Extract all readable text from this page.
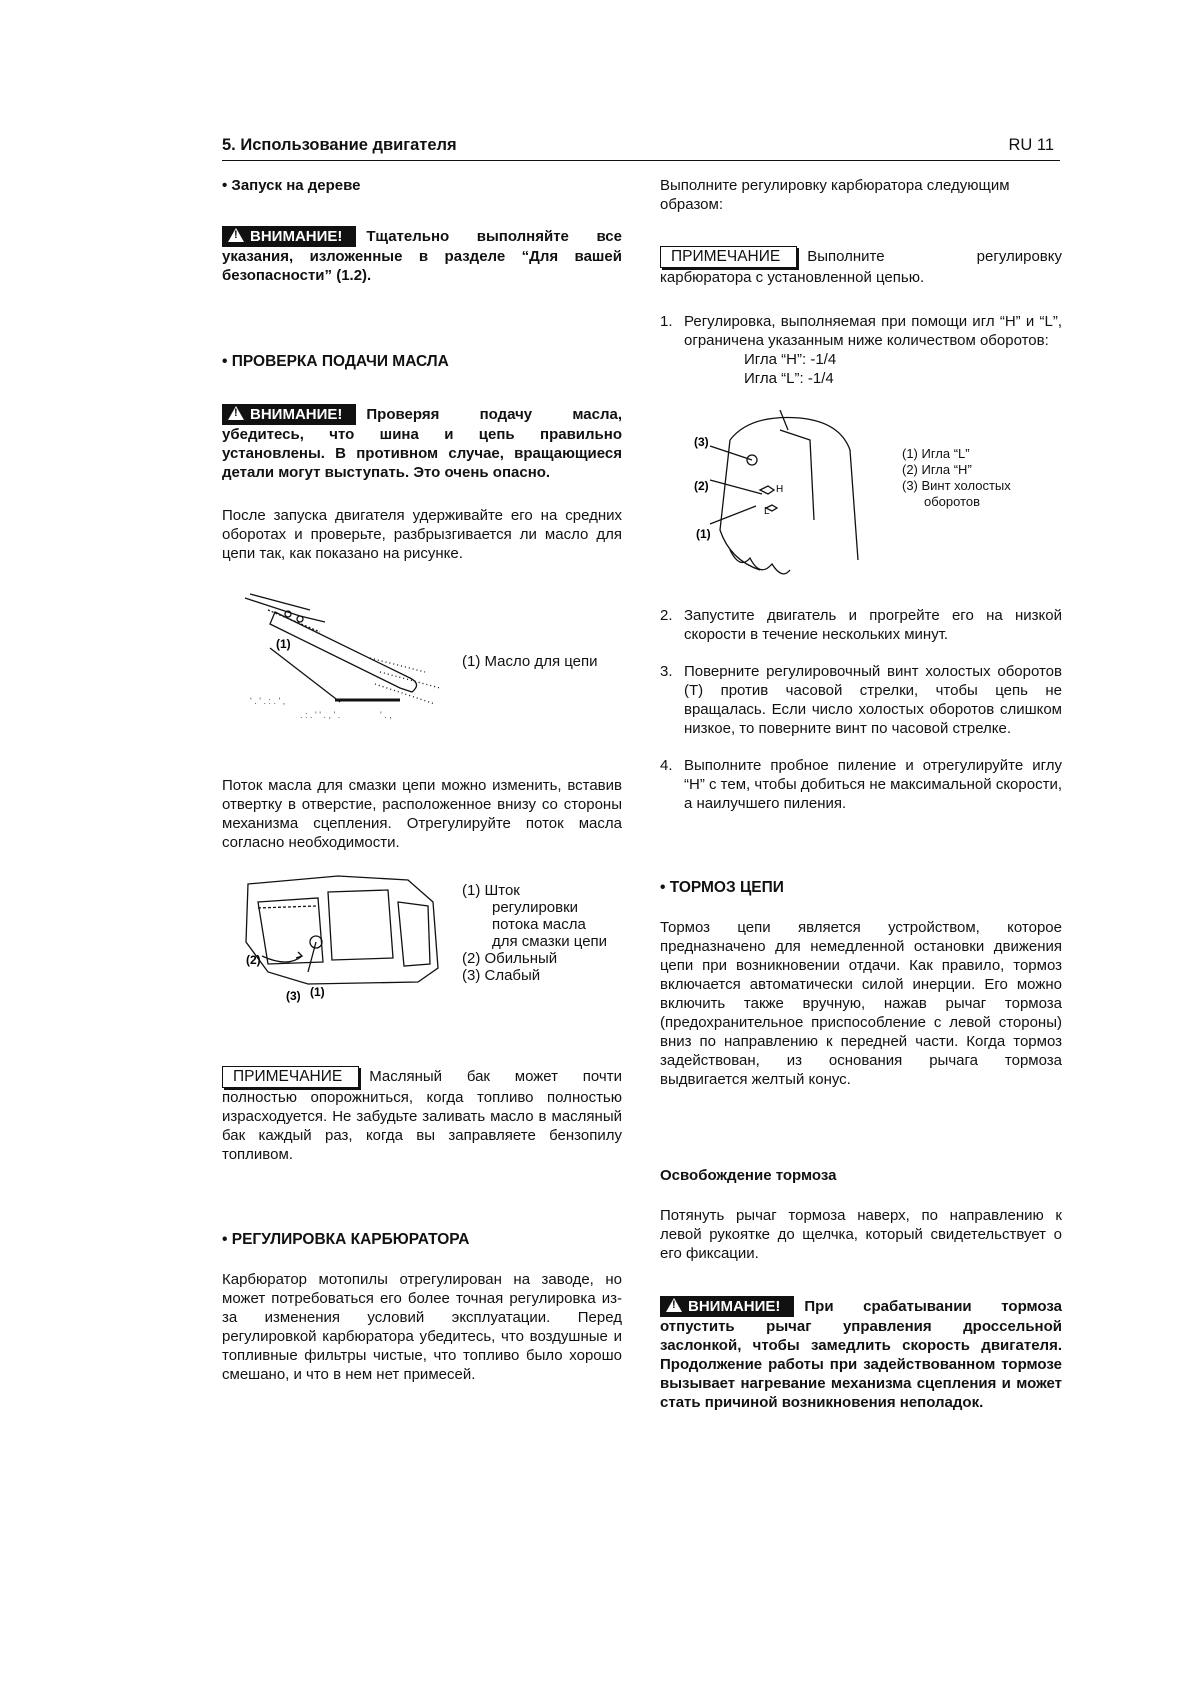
5. Использование двигателя	RU 11
• Запуск на дереве
!ВНИМАНИЕ! Тщательно выполняйте все указания, изложенные в разделе “Для вашей безопасности” (1.2).
• ПРОВЕРКА ПОДАЧИ МАСЛА
!ВНИМАНИЕ! Проверяя подачу масла, убедитесь, что шина и цепь правильно установлены. В противном случае, вращающиеся детали могут выступать. Это очень опасно.
После запуска двигателя удерживайте его на средних оборотах и проверьте, разбрызгивается ли масло для цепи так, как показано на рисунке.
' . ' . : . ' ,
. : . ' ' . , ' .	' . ,
(1)
(1) Масло для цепи
Поток масла для смазки цепи можно изменить, вставив отвертку в отверстие, расположенное внизу со стороны механизма сцепления. Отрегулируйте поток масла согласно необходимости.
(2)
(3) (1)
(1) Шток
регулировки
потока масла
для смазки цепи
(2) Обильный
(3) Слабый
ПРИМЕЧАНИЕ Масляный бак может почти полностью опорожниться, когда топливо полностью израсходуется. Не забудьте заливать масло в масляный бак каждый раз, когда вы заправляете бензопилу топливом.
• РЕГУЛИРОВКА КАРБЮРАТОРА
Карбюратор мотопилы отрегулирован на заводе, но может потребоваться его более точная регулировка из-за изменения условий эксплуатации. Перед регулировкой карбюратора убедитесь, что воздушные и топливные фильтры чистые, что топливо было хорошо смешано, и что в нем нет примесей.
Выполните регулировку карбюратора следующим образом:
ПРИМЕЧАНИЕ Выполните регулировку карбюратора с установленной цепью.
1. Регулировка, выполняемая при помощи игл “H” и “L”, ограничена указанным ниже количеством оборотов:
Игла “H”: -1/4
Игла “L”: -1/4
(3)
(2)
(1)
H
L
(1) Игла “L”
(2) Игла “H”
(3) Винт холостых
оборотов
2. Запустите двигатель и прогрейте его на низкой скорости в течение нескольких минут.
3. Поверните регулировочный винт холостых оборотов (T) против часовой стрелки, чтобы цепь не вращалась. Если число холостых оборотов слишком низкое, то поверните винт по часовой стрелке.
4. Выполните пробное пиление и отрегулируйте иглу “H” с тем, чтобы добиться не максимальной скорости, а наилучшего пиления.
• ТОРМОЗ ЦЕПИ
Тормоз цепи является устройством, которое предназначено для немедленной остановки движения цепи при возникновении отдачи. Как правило, тормоз включается автоматически силой инерции. Его можно включить также вручную, нажав рычаг тормоза (предохранительное приспособление с левой стороны) вниз по направлению к передней части. Когда тормоз задействован, из основания рычага тормоза выдвигается желтый конус.
Освобождение тормоза
Потянуть рычаг тормоза наверх, по направлению к левой рукоятке до щелчка, который свидетельствует о его фиксации.
!ВНИМАНИЕ! При срабатывании тормоза отпустить рычаг управления дроссельной заслонкой, чтобы замедлить скорость двигателя. Продолжение работы при задействованном тормозе вызывает нагревание механизма сцепления и может стать причиной возникновения неполадок.
